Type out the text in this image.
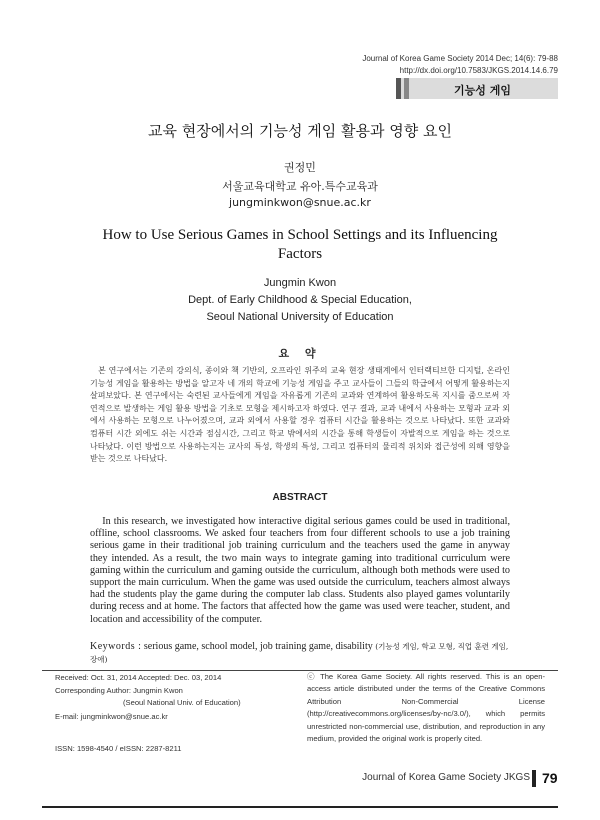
Journal of Korea Game Society 2014 Dec; 14(6): 79-88
http://dx.doi.org/10.7583/JKGS.2014.14.6.79
기능성 게임
교육 현장에서의 기능성 게임 활용과 영향 요인
권정민
서울교육대학교 유아.특수교육과
jungminkwon@snue.ac.kr
How to Use Serious Games in School Settings and its Influencing Factors
Jungmin Kwon
Dept. of Early Childhood & Special Education,
Seoul National University of Education
요 약
본 연구에서는 기존의 강의식, 종이와 책 기반의, 오프라인 위주의 교육 현장 생태계에서 인터랙티브한 디지털, 온라인 기능성 게임을 활용하는 방법을 알고자 네 개의 학교에 기능성 게임을 주고 교사들이 그들의 학급에서 어떻게 활용하는지 살펴보았다. 본 연구에서는 숙련된 교사들에게 게임을 자유롭게 기존의 교과와 연계하여 활용하도록 지시를 줌으로써 자연적으로 발생하는 게임 활용 방법을 기초로 모형을 제시하고자 하였다. 연구 결과, 교과 내에서 사용하는 모형과 교과 외에서 사용하는 모형으로 나누어졌으며, 교과 외에서 사용할 경우 컴퓨터 시간을 활용하는 것으로 나타났다. 또한 교과와 컴퓨터 시간 외에도 쉬는 시간과 점심시간, 그리고 학교 밖에서의 시간을 통해 학생들이 자발적으로 게임을 하는 것으로 나타났다. 이런 방법으로 사용하는지는 교사의 특성, 학생의 특성, 그리고 컴퓨터의 물리적 위치와 접근성에 의해 영향을 받는 것으로 나타났다.
ABSTRACT
In this research, we investigated how interactive digital serious games could be used in traditional, offline, school classrooms. We asked four teachers from four different schools to use a job training serious game in their traditional job training curriculum and the teachers used the game in anyway they intended. As a result, the two main ways to integrate gaming into traditional curriculum were gaming within the curriculum and gaming outside the curriculum, although both methods were used to support the main curriculum. When the game was used outside the curriculum, teachers almost always had the students play the game during the computer lab class. Students also played games voluntarily during recess and at home. The factors that affected how the game was used were teacher, student, and location and accessibility of the computer.
Keywords : serious game, school model, job training game, disability (기능성 게임, 학교 모형, 직업 훈련 게임, 장애)
Received: Oct. 31, 2014 Accepted: Dec. 03, 2014
Corresponding Author: Jungmin Kwon
(Seoul National Univ. of Education)
E-mail: jungminkwon@snue.ac.kr
ISSN: 1598-4540 / eISSN: 2287-8211
ⓒ The Korea Game Society. All rights reserved. This is an open-access article distributed under the terms of the Creative Commons Attribution Non-Commercial License (http://creativecommons.org/licenses/by-nc/3.0/), which permits unrestricted non-commercial use, distribution, and reproduction in any medium, provided the original work is properly cited.
Journal of Korea Game Society JKGS 79
